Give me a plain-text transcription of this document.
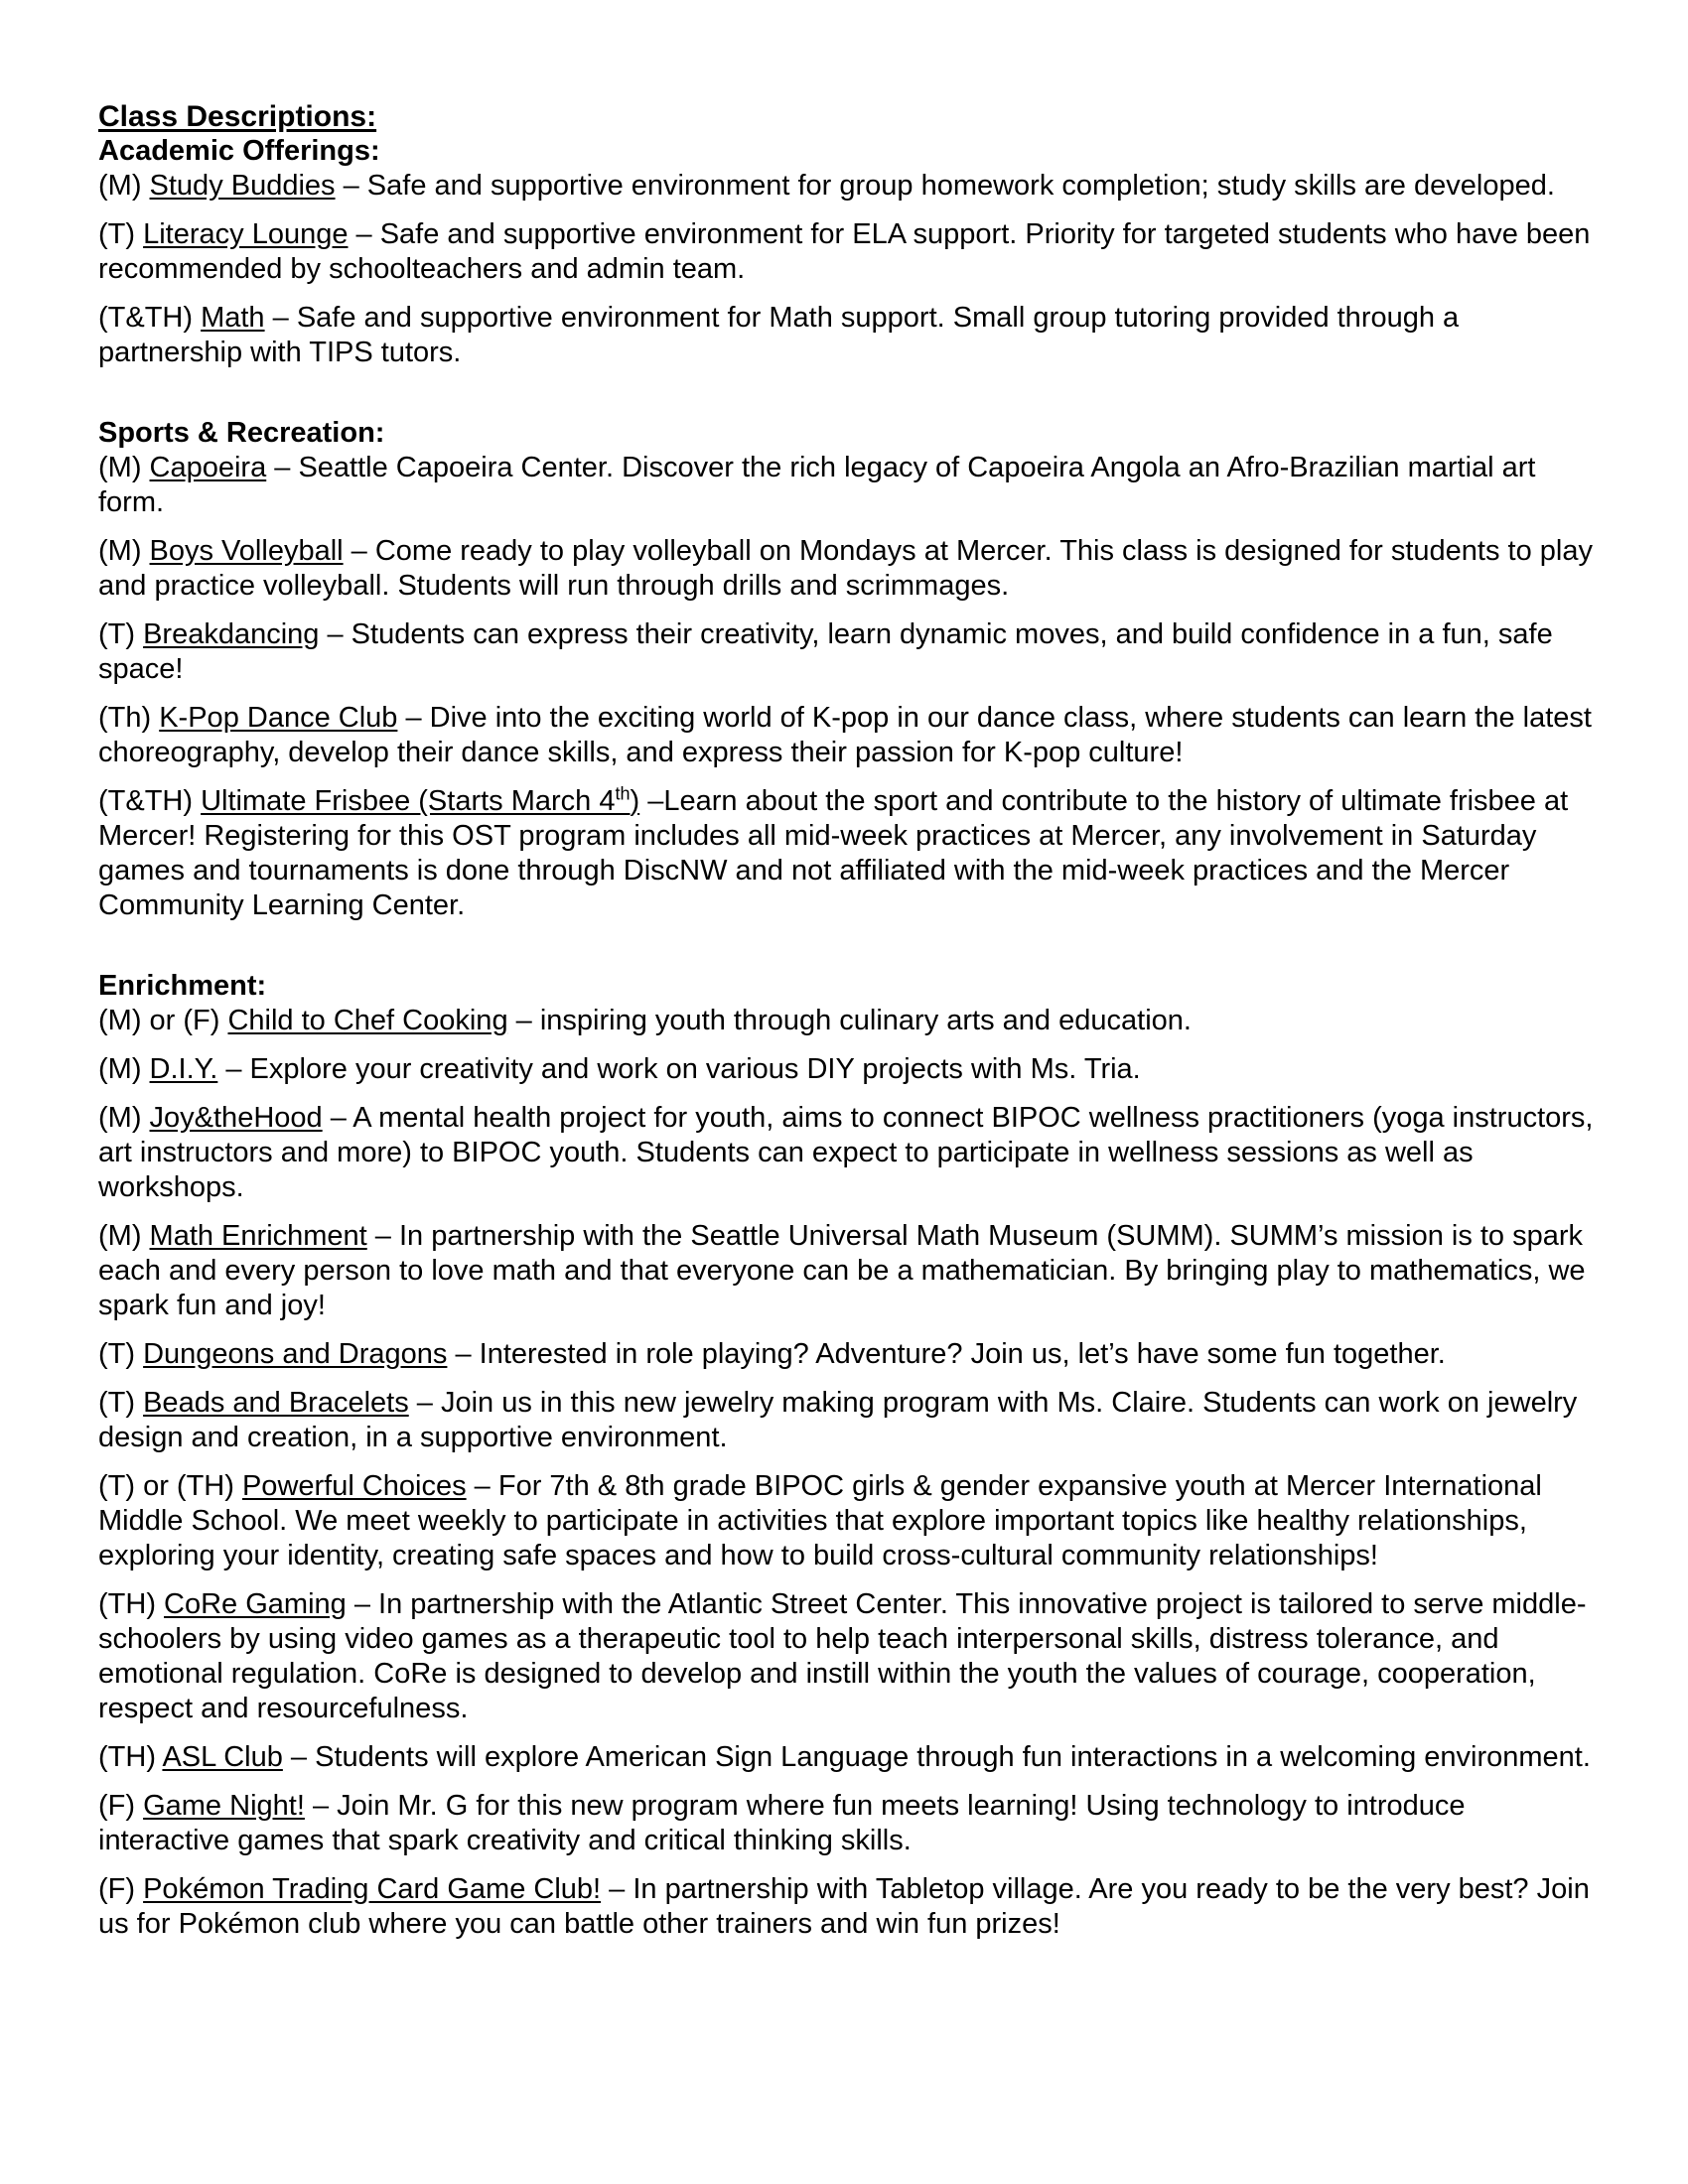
Class Descriptions:
Academic Offerings:
(M) Study Buddies – Safe and supportive environment for group homework completion; study skills are developed.
(T) Literacy Lounge – Safe and supportive environment for ELA support. Priority for targeted students who have been recommended by schoolteachers and admin team.
(T&TH) Math – Safe and supportive environment for Math support. Small group tutoring provided through a partnership with TIPS tutors.
Sports & Recreation:
(M) Capoeira – Seattle Capoeira Center. Discover the rich legacy of Capoeira Angola an Afro-Brazilian martial art form.
(M) Boys Volleyball – Come ready to play volleyball on Mondays at Mercer. This class is designed for students to play and practice volleyball. Students will run through drills and scrimmages.
(T) Breakdancing – Students can express their creativity, learn dynamic moves, and build confidence in a fun, safe space!
(Th) K-Pop Dance Club – Dive into the exciting world of K-pop in our dance class, where students can learn the latest choreography, develop their dance skills, and express their passion for K-pop culture!
(T&TH) Ultimate Frisbee (Starts March 4th) –Learn about the sport and contribute to the history of ultimate frisbee at Mercer! Registering for this OST program includes all mid-week practices at Mercer, any involvement in Saturday games and tournaments is done through DiscNW and not affiliated with the mid-week practices and the Mercer Community Learning Center.
Enrichment:
(M) or (F) Child to Chef Cooking – inspiring youth through culinary arts and education.
(M) D.I.Y. – Explore your creativity and work on various DIY projects with Ms. Tria.
(M) Joy&theHood – A mental health project for youth, aims to connect BIPOC wellness practitioners (yoga instructors, art instructors and more) to BIPOC youth. Students can expect to participate in wellness sessions as well as workshops.
(M) Math Enrichment – In partnership with the Seattle Universal Math Museum (SUMM). SUMM’s mission is to spark each and every person to love math and that everyone can be a mathematician. By bringing play to mathematics, we spark fun and joy!
(T) Dungeons and Dragons – Interested in role playing? Adventure? Join us, let’s have some fun together.
(T) Beads and Bracelets – Join us in this new jewelry making program with Ms. Claire. Students can work on jewelry design and creation, in a supportive environment.
(T) or (TH) Powerful Choices – For 7th & 8th grade BIPOC girls & gender expansive youth at Mercer International Middle School. We meet weekly to participate in activities that explore important topics like healthy relationships, exploring your identity, creating safe spaces and how to build cross-cultural community relationships!
(TH) CoRe Gaming – In partnership with the Atlantic Street Center. This innovative project is tailored to serve middle-schoolers by using video games as a therapeutic tool to help teach interpersonal skills, distress tolerance, and emotional regulation. CoRe is designed to develop and instill within the youth the values of courage, cooperation, respect and resourcefulness.
(TH) ASL Club – Students will explore American Sign Language through fun interactions in a welcoming environment.
(F) Game Night! – Join Mr. G for this new program where fun meets learning! Using technology to introduce interactive games that spark creativity and critical thinking skills.
(F) Pokémon Trading Card Game Club! – In partnership with Tabletop village. Are you ready to be the very best? Join us for Pokémon club where you can battle other trainers and win fun prizes!
